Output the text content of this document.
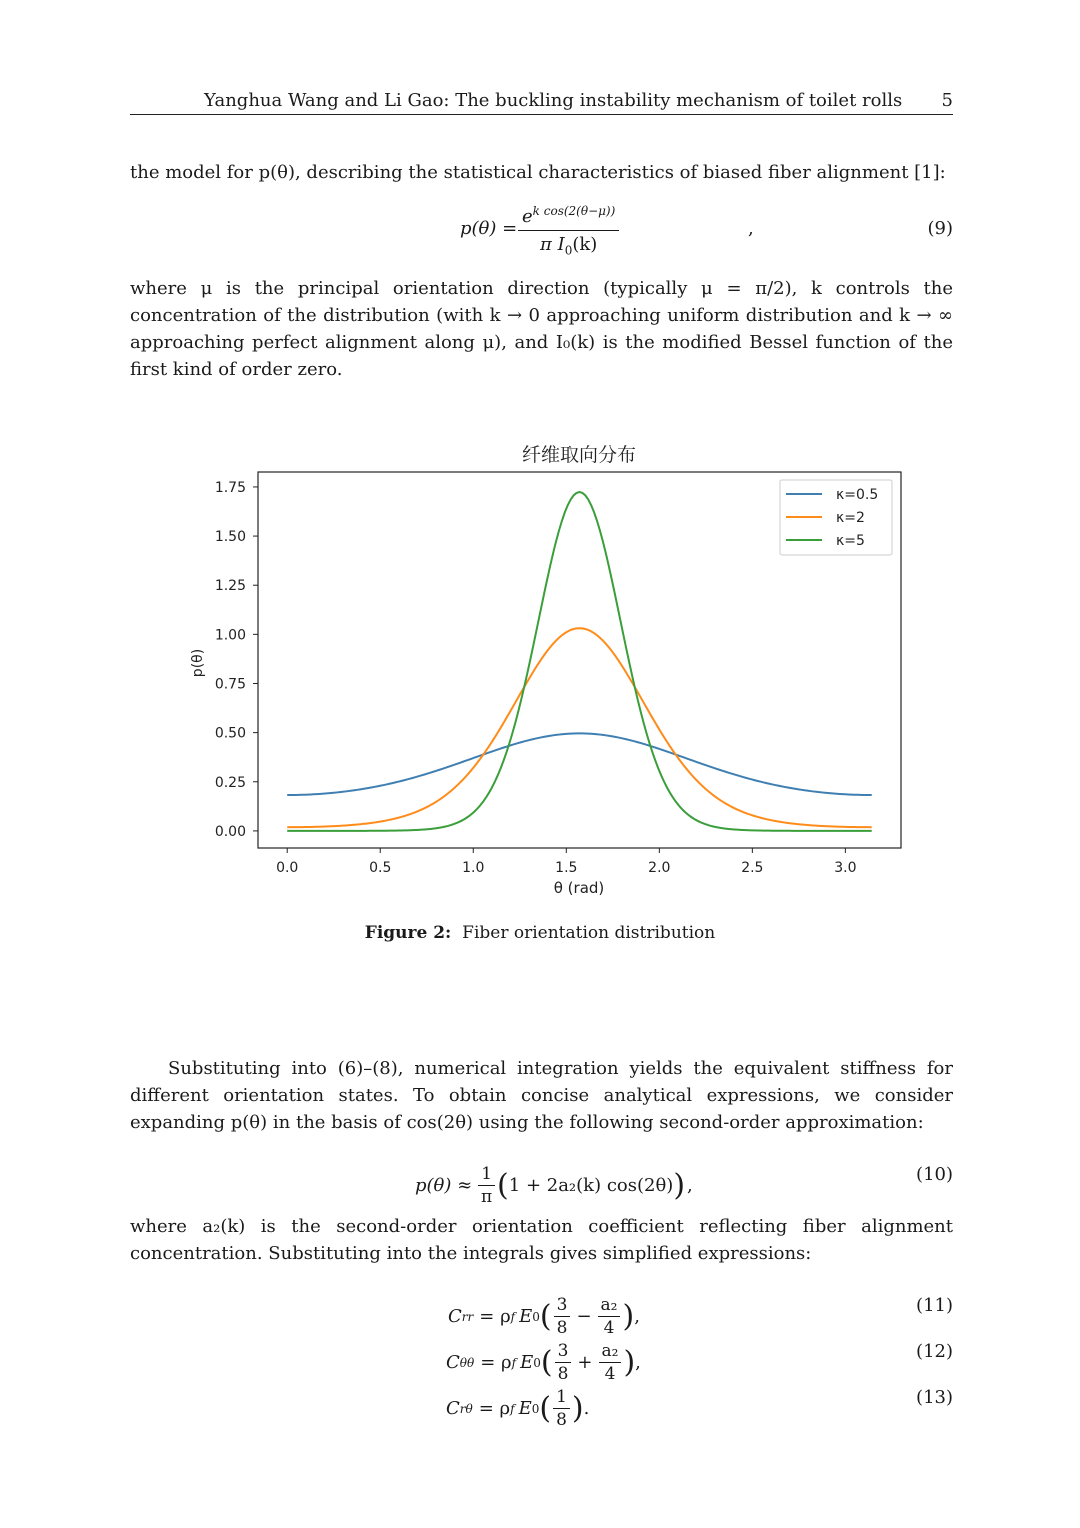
Yanghua Wang and Li Gao: The buckling instability mechanism of toilet rolls 5
the model for p(θ), describing the statistical characteristics of biased fiber alignment [1]:
p(θ) =
$e^{k cos(2(\theta-\mu))}$
π $I_0(k)$
,	(9)
where μ is the principal orientation direction (typically μ = π/2), k controls the concentration of the distribution (with k → 0 approaching uniform distribution and k → ∞ approaching perfect alignment along μ), and I₀(k) is the modified Bessel function of the first kind of order zero.
纤维取向分布
0.00
0.25
0.50
0.75
1.00
1.25
1.50
1.75
0.0	0.5	1.0	1.5	2.0	2.5	3.0
p(θ)
θ (rad)
κ=0.5
κ=2
κ=5
Figure 2: Fiber orientation distribution
Substituting into (6)–(8), numerical integration yields the equivalent stiffness for different orientation states. To obtain concise analytical expressions, we consider expanding p(θ) in the basis of cos(2θ) using the following second-order approximation:
$p(\theta) \approx \frac{1}{\pi}$ ( 1 + 2a₂(k) cos(2θ) ) ,
(10)
where a₂(k) is the second-order orientation coefficient reflecting fiber alignment concentration. Substituting into the integrals gives simplified expressions:
C rr = ρ f E 0 ( $\frac{3}{8} - \frac{\text{a₂}}{4}$ ) ,
(11)
C θθ = ρ f E 0 ( $\frac{3}{8} + \frac{\text{a₂}}{4}$ ) ,
(12)
C rθ = ρ f E 0 ( $\frac{1}{8}$ ) .
(13)
